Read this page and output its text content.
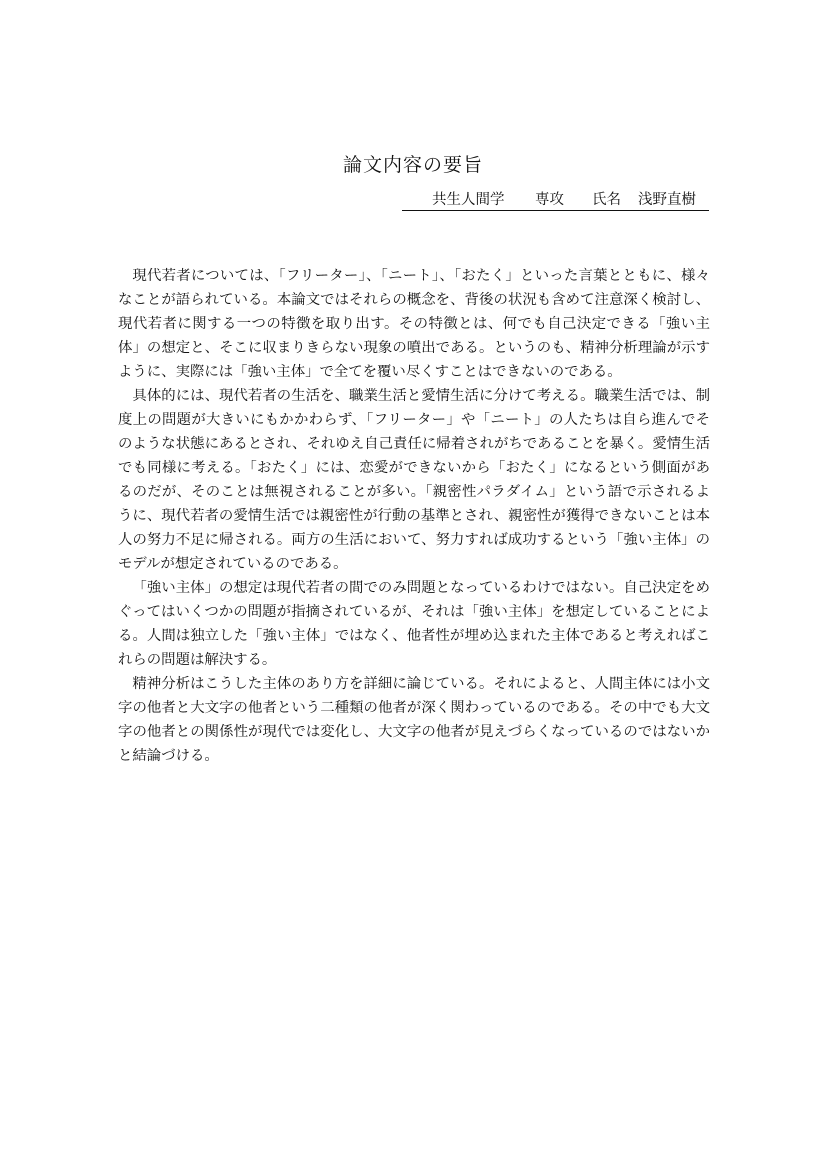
論文内容の要旨
共生人間学 専攻 氏名 浅野直樹

現代若者については、「フリーター」、「ニート」、「おたく」といった言葉とともに、様々なことが語られている。本論文ではそれらの概念を、背後の状況も含めて注意深く検討し、現代若者に関する一つの特徴を取り出す。その特徴とは、何でも自己決定できる「強い主体」の想定と、そこに収まりきらない現象の噴出である。というのも、精神分析理論が示すように、実際には「強い主体」で全てを覆い尽くすことはできないのである。

具体的には、現代若者の生活を、職業生活と愛情生活に分けて考える。職業生活では、制度上の問題が大きいにもかかわらず、「フリーター」や「ニート」の人たちは自ら進んでそのような状態にあるとされ、それゆえ自己責任に帰着されがちであることを暴く。愛情生活でも同様に考える。「おたく」には、恋愛ができないから「おたく」になるという側面があるのだが、そのことは無視されることが多い。「親密性パラダイム」という語で示されるように、現代若者の愛情生活では親密性が行動の基準とされ、親密性が獲得できないことは本人の努力不足に帰される。両方の生活において、努力すれば成功するという「強い主体」のモデルが想定されているのである。

「強い主体」の想定は現代若者の間でのみ問題となっているわけではない。自己決定をめぐってはいくつかの問題が指摘されているが、それは「強い主体」を想定していることによる。人間は独立した「強い主体」ではなく、他者性が埋め込まれた主体であると考えればこれらの問題は解決する。

精神分析はこうした主体のあり方を詳細に論じている。それによると、人間主体には小文字の他者と大文字の他者という二種類の他者が深く関わっているのである。その中でも大文字の他者との関係性が現代では変化し、大文字の他者が見えづらくなっているのではないかと結論づける。
